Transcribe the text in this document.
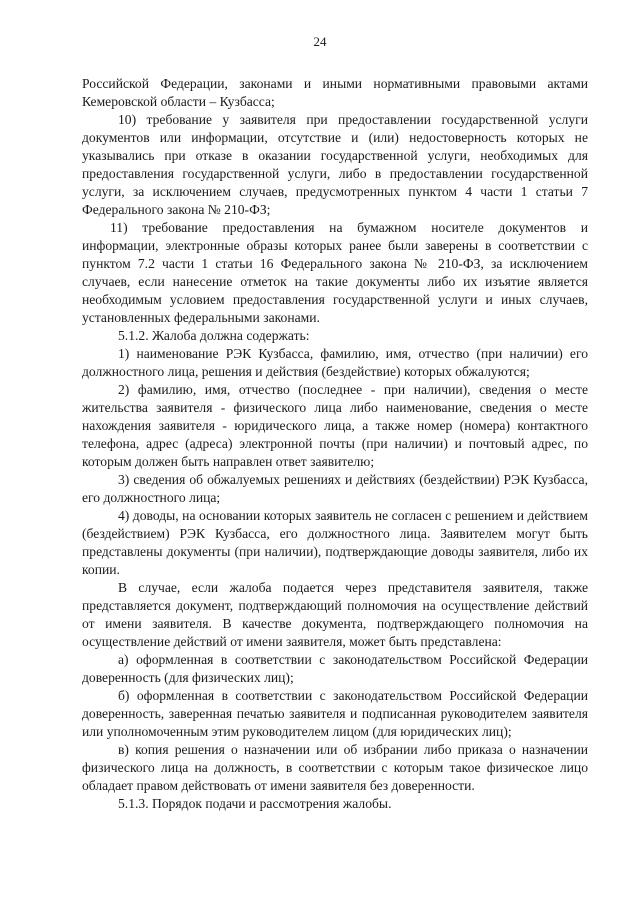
24

Российской Федерации, законами и иными нормативными правовыми актами Кемеровской области – Кузбасса;

10) требование у заявителя при предоставлении государственной услуги документов или информации, отсутствие и (или) недостоверность которых не указывались при отказе в оказании государственной услуги, необходимых для предоставления государственной услуги, либо в предоставлении государственной услуги, за исключением случаев, предусмотренных пунктом 4 части 1 статьи 7 Федерального закона № 210-ФЗ;

11) требование предоставления на бумажном носителе документов и информации, электронные образы которых ранее были заверены в соответствии с пунктом 7.2 части 1 статьи 16 Федерального закона № 210-ФЗ, за исключением случаев, если нанесение отметок на такие документы либо их изъятие является необходимым условием предоставления государственной услуги и иных случаев, установленных федеральными законами.

5.1.2. Жалоба должна содержать:

1) наименование РЭК Кузбасса, фамилию, имя, отчество (при наличии) его должностного лица, решения и действия (бездействие) которых обжалуются;

2) фамилию, имя, отчество (последнее - при наличии), сведения о месте жительства заявителя - физического лица либо наименование, сведения о месте нахождения заявителя - юридического лица, а также номер (номера) контактного телефона, адрес (адреса) электронной почты (при наличии) и почтовый адрес, по которым должен быть направлен ответ заявителю;

3) сведения об обжалуемых решениях и действиях (бездействии) РЭК Кузбасса, его должностного лица;

4) доводы, на основании которых заявитель не согласен с решением и действием (бездействием) РЭК Кузбасса, его должностного лица. Заявителем могут быть представлены документы (при наличии), подтверждающие доводы заявителя, либо их копии.

В случае, если жалоба подается через представителя заявителя, также представляется документ, подтверждающий полномочия на осуществление действий от имени заявителя. В качестве документа, подтверждающего полномочия на осуществление действий от имени заявителя, может быть представлена:

а) оформленная в соответствии с законодательством Российской Федерации доверенность (для физических лиц);

б) оформленная в соответствии с законодательством Российской Федерации доверенность, заверенная печатью заявителя и подписанная руководителем заявителя или уполномоченным этим руководителем лицом (для юридических лиц);

в) копия решения о назначении или об избрании либо приказа о назначении физического лица на должность, в соответствии с которым такое физическое лицо обладает правом действовать от имени заявителя без доверенности.

5.1.3. Порядок подачи и рассмотрения жалобы.
